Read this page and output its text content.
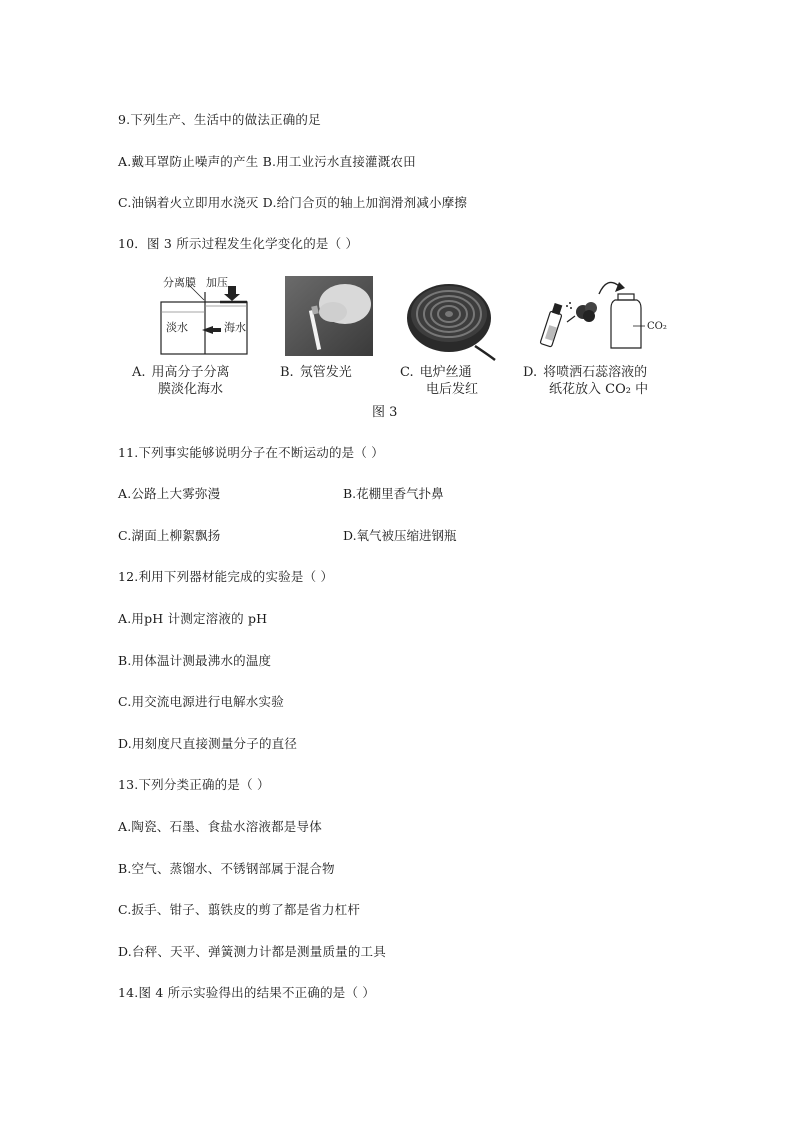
9.下列生产、生活中的做法正确的足
A.戴耳罩防止噪声的产生 B.用工业污水直接灌溉农田
C.油锅着火立即用水浇灭 D.给门合页的轴上加润滑剂减小摩擦
10．图 3 所示过程发生化学变化的是（ ）
分离膜 加压
淡水	海水
A. 用高分子分离
膜淡化海水
B. 氖管发光	C. 电炉丝通
电后发红
CO₂
D. 将喷洒石蕊溶液的
纸花放入 CO₂ 中
图 3
11.下列事实能够说明分子在不断运动的是（ ）
A.公路上大雾弥漫	B.花棚里香气扑鼻
C.湖面上柳絮飘扬	D.氧气被压缩进钢瓶
12.利用下列器材能完成的实验是（ ）
A.用pH 计测定溶液的 pH
B.用体温计测最沸水的温度
C.用交流电源进行电解水实验
D.用刻度尺直接测量分子的直径
13.下列分类正确的是（ ）
A.陶瓷、石墨、食盐水溶液都是导体
B.空气、蒸馏水、不锈钢部属于混合物
C.扳手、钳子、翦铁皮的剪了都是省力杠杆
D.台秤、天平、弹簧测力计都是测量质量的工具
14.图 4 所示实验得出的结果不正确的是（ ）
